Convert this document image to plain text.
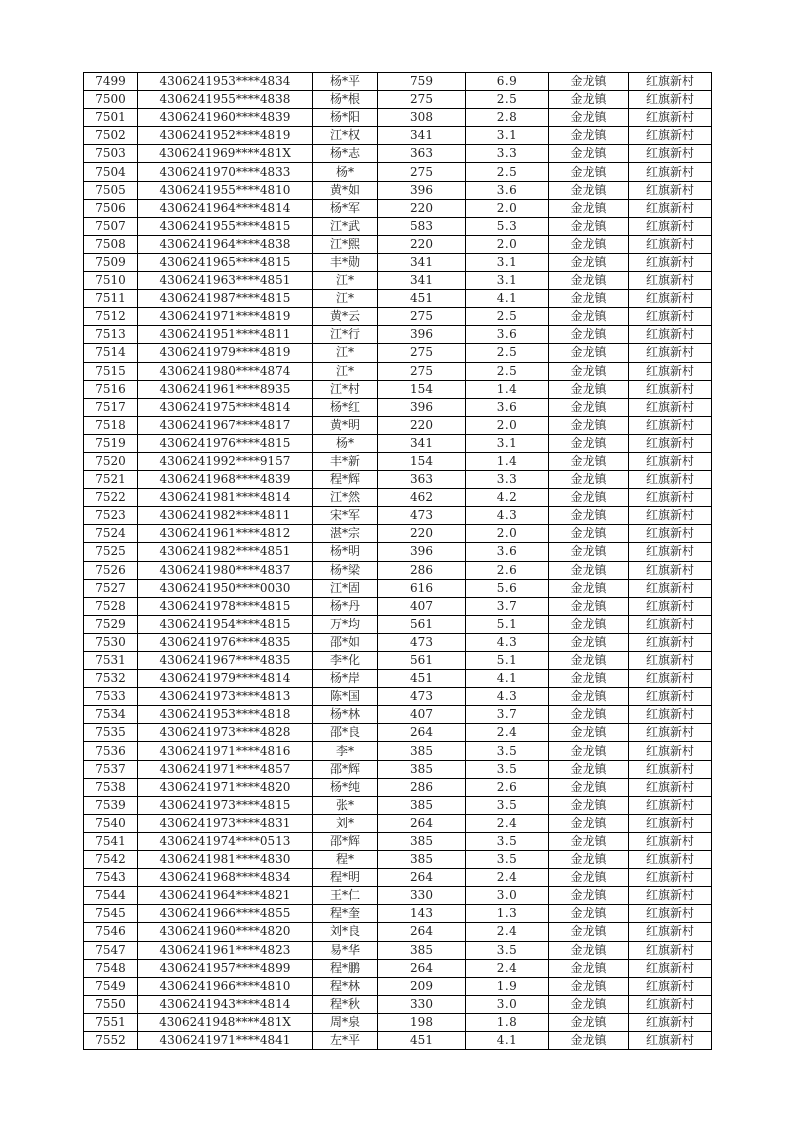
7499	4306241953****4834	杨*平	759	6.9	金龙镇	红旗新村
7500	4306241955****4838	杨*根	275	2.5	金龙镇	红旗新村
7501	4306241960****4839	杨*阳	308	2.8	金龙镇	红旗新村
7502	4306241952****4819	江*权	341	3.1	金龙镇	红旗新村
7503	4306241969****481X	杨*志	363	3.3	金龙镇	红旗新村
7504	4306241970****4833	杨*	275	2.5	金龙镇	红旗新村
7505	4306241955****4810	黄*如	396	3.6	金龙镇	红旗新村
7506	4306241964****4814	杨*军	220	2.0	金龙镇	红旗新村
7507	4306241955****4815	江*武	583	5.3	金龙镇	红旗新村
7508	4306241964****4838	江*熙	220	2.0	金龙镇	红旗新村
7509	4306241965****4815	丰*勋	341	3.1	金龙镇	红旗新村
7510	4306241963****4851	江*	341	3.1	金龙镇	红旗新村
7511	4306241987****4815	江*	451	4.1	金龙镇	红旗新村
7512	4306241971****4819	黄*云	275	2.5	金龙镇	红旗新村
7513	4306241951****4811	江*行	396	3.6	金龙镇	红旗新村
7514	4306241979****4819	江*	275	2.5	金龙镇	红旗新村
7515	4306241980****4874	江*	275	2.5	金龙镇	红旗新村
7516	4306241961****8935	江*村	154	1.4	金龙镇	红旗新村
7517	4306241975****4814	杨*红	396	3.6	金龙镇	红旗新村
7518	4306241967****4817	黄*明	220	2.0	金龙镇	红旗新村
7519	4306241976****4815	杨*	341	3.1	金龙镇	红旗新村
7520	4306241992****9157	丰*新	154	1.4	金龙镇	红旗新村
7521	4306241968****4839	程*辉	363	3.3	金龙镇	红旗新村
7522	4306241981****4814	江*然	462	4.2	金龙镇	红旗新村
7523	4306241982****4811	宋*军	473	4.3	金龙镇	红旗新村
7524	4306241961****4812	湛*宗	220	2.0	金龙镇	红旗新村
7525	4306241982****4851	杨*明	396	3.6	金龙镇	红旗新村
7526	4306241980****4837	杨*梁	286	2.6	金龙镇	红旗新村
7527	4306241950****0030	江*固	616	5.6	金龙镇	红旗新村
7528	4306241978****4815	杨*丹	407	3.7	金龙镇	红旗新村
7529	4306241954****4815	万*均	561	5.1	金龙镇	红旗新村
7530	4306241976****4835	邵*如	473	4.3	金龙镇	红旗新村
7531	4306241967****4835	李*化	561	5.1	金龙镇	红旗新村
7532	4306241979****4814	杨*岸	451	4.1	金龙镇	红旗新村
7533	4306241973****4813	陈*国	473	4.3	金龙镇	红旗新村
7534	4306241953****4818	杨*林	407	3.7	金龙镇	红旗新村
7535	4306241973****4828	邵*良	264	2.4	金龙镇	红旗新村
7536	4306241971****4816	李*	385	3.5	金龙镇	红旗新村
7537	4306241971****4857	邵*辉	385	3.5	金龙镇	红旗新村
7538	4306241971****4820	杨*纯	286	2.6	金龙镇	红旗新村
7539	4306241973****4815	张*	385	3.5	金龙镇	红旗新村
7540	4306241973****4831	刘*	264	2.4	金龙镇	红旗新村
7541	4306241974****0513	邵*辉	385	3.5	金龙镇	红旗新村
7542	4306241981****4830	程*	385	3.5	金龙镇	红旗新村
7543	4306241968****4834	程*明	264	2.4	金龙镇	红旗新村
7544	4306241964****4821	王*仁	330	3.0	金龙镇	红旗新村
7545	4306241966****4855	程*奎	143	1.3	金龙镇	红旗新村
7546	4306241960****4820	刘*良	264	2.4	金龙镇	红旗新村
7547	4306241961****4823	易*华	385	3.5	金龙镇	红旗新村
7548	4306241957****4899	程*鹏	264	2.4	金龙镇	红旗新村
7549	4306241966****4810	程*林	209	1.9	金龙镇	红旗新村
7550	4306241943****4814	程*秋	330	3.0	金龙镇	红旗新村
7551	4306241948****481X	周*泉	198	1.8	金龙镇	红旗新村
7552	4306241971****4841	左*平	451	4.1	金龙镇	红旗新村
